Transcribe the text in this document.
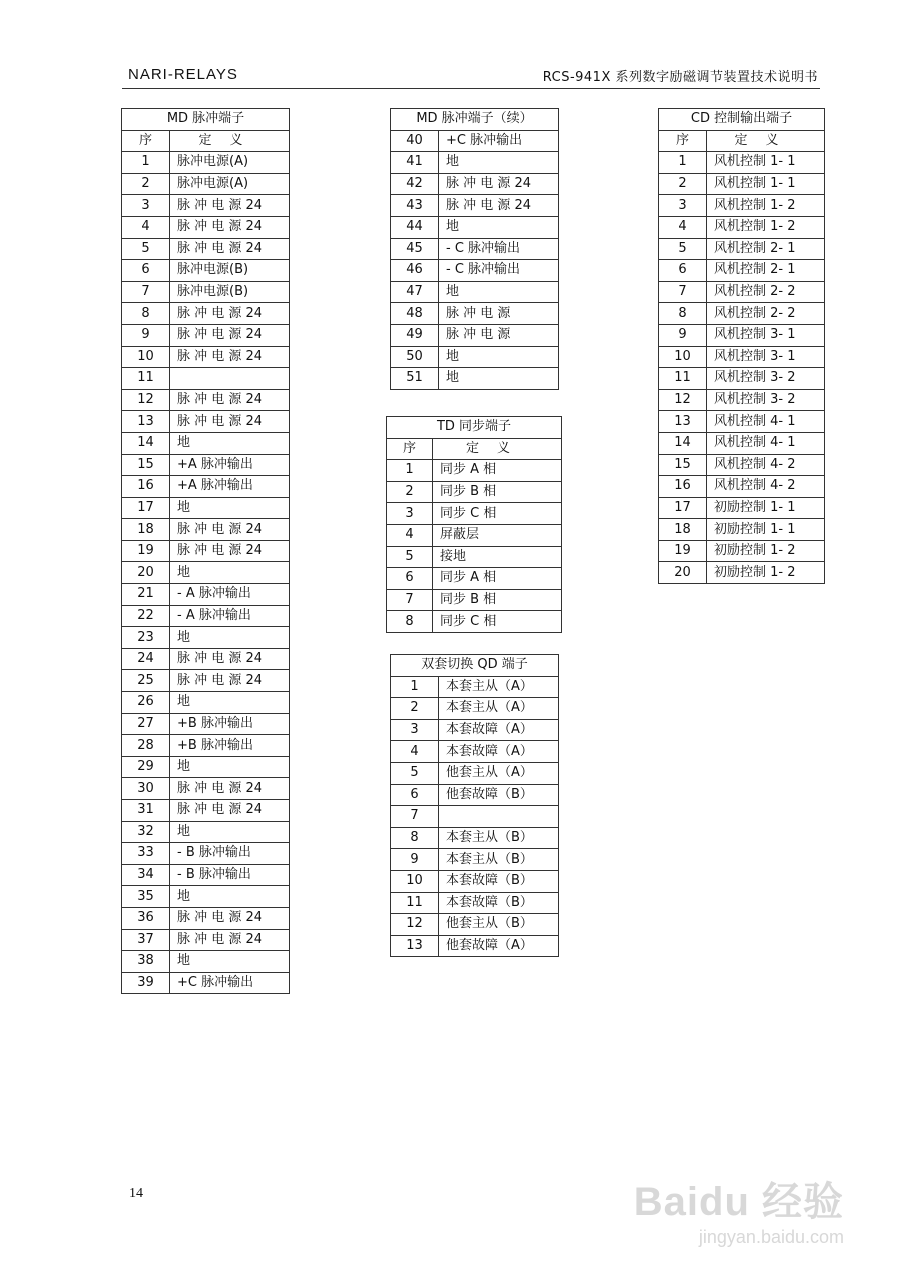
NARI-RELAYS	RCS-941X 系列数字励磁调节装置技术说明书
MD 脉冲端子	
序	定义
1	脉冲电源(A)
2	脉冲电源(A)
3	脉 冲 电 源 24
4	脉 冲 电 源 24
5	脉 冲 电 源 24
6	脉冲电源(B)
7	脉冲电源(B)
8	脉 冲 电 源 24
9	脉 冲 电 源 24
10	脉 冲 电 源 24
11	
12	脉 冲 电 源 24
13	脉 冲 电 源 24
14	地
15	+A 脉冲输出
16	+A 脉冲输出
17	地
18	脉 冲 电 源 24
19	脉 冲 电 源 24
20	地
21	- A 脉冲输出
22	- A 脉冲输出
23	地
24	脉 冲 电 源 24
25	脉 冲 电 源 24
26	地
27	+B 脉冲输出
28	+B 脉冲输出
29	地
30	脉 冲 电 源 24
31	脉 冲 电 源 24
32	地
33	- B 脉冲输出
34	- B 脉冲输出
35	地
36	脉 冲 电 源 24
37	脉 冲 电 源 24
38	地
39	+C 脉冲输出
MD 脉冲端子（续）	
40	+C 脉冲输出
41	地
42	脉 冲 电 源 24
43	脉 冲 电 源 24
44	地
45	- C 脉冲输出
46	- C 脉冲输出
47	地
48	脉 冲 电 源
49	脉 冲 电 源
50	地
51	地
TD 同步端子	
序	定义
1	同步 A 相
2	同步 B 相
3	同步 C 相
4	屏蔽层
5	接地
6	同步 A 相
7	同步 B 相
8	同步 C 相
双套切换 QD 端子	
1	本套主从（A）
2	本套主从（A）
3	本套故障（A）
4	本套故障（A）
5	他套主从（A）
6	他套故障（B）
7	
8	本套主从（B）
9	本套主从（B）
10	本套故障（B）
11	本套故障（B）
12	他套主从（B）
13	他套故障（A）
CD 控制输出端子	
序	定义
1	风机控制 1- 1
2	风机控制 1- 1
3	风机控制 1- 2
4	风机控制 1- 2
5	风机控制 2- 1
6	风机控制 2- 1
7	风机控制 2- 2
8	风机控制 2- 2
9	风机控制 3- 1
10	风机控制 3- 1
11	风机控制 3- 2
12	风机控制 3- 2
13	风机控制 4- 1
14	风机控制 4- 1
15	风机控制 4- 2
16	风机控制 4- 2
17	初励控制 1- 1
18	初励控制 1- 1
19	初励控制 1- 2
20	初励控制 1- 2
14	Baidu 经验
jingyan.baidu.com
